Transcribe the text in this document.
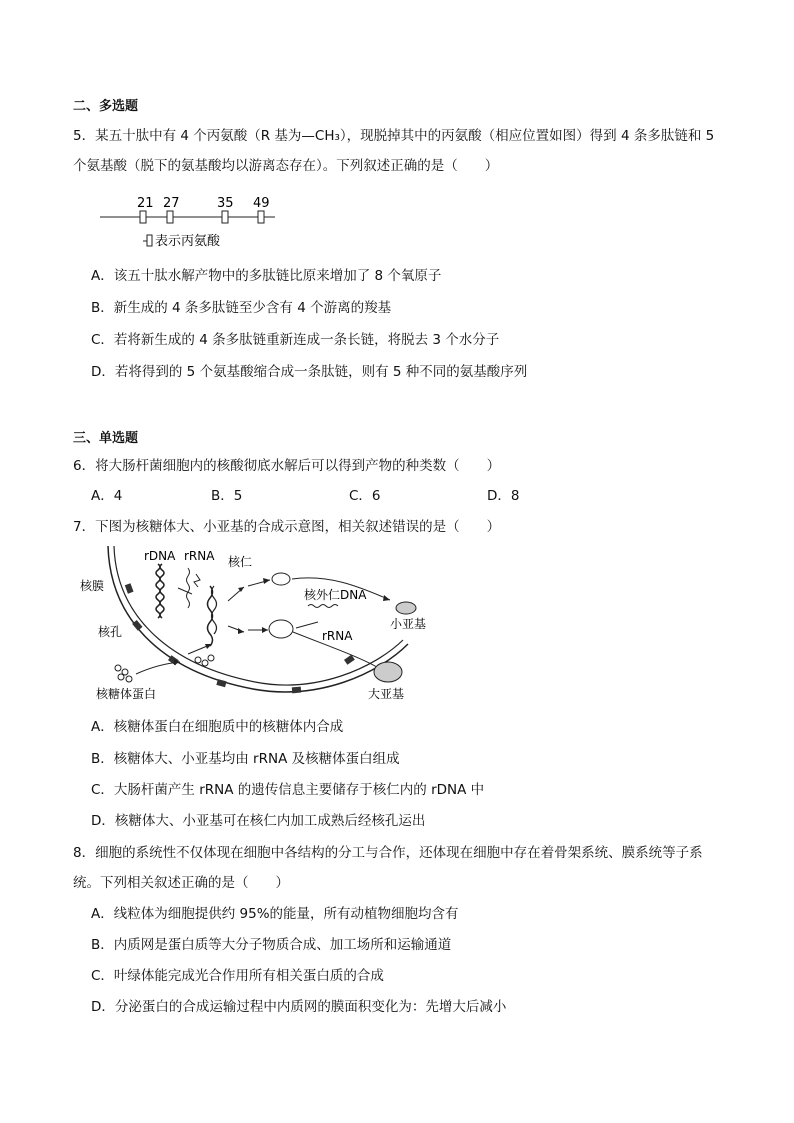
二、多选题
5．某五十肽中有 4 个丙氨酸（R 基为—CH₃），现脱掉其中的丙氨酸（相应位置如图）得到 4 条多肽链和 5
个氨基酸（脱下的氨基酸均以游离态存在）。下列叙述正确的是（　　）
21 27	35 49
表示丙氨酸
A．该五十肽水解产物中的多肽链比原来增加了 8 个氧原子
B．新生成的 4 条多肽链至少含有 4 个游离的羧基
C．若将新生成的 4 条多肽链重新连成一条长链，将脱去 3 个水分子
D．若将得到的 5 个氨基酸缩合成一条肽链，则有 5 种不同的氨基酸序列
三、单选题
6．将大肠杆菌细胞内的核酸彻底水解后可以得到产物的种类数（　　）
A．4	B．5	C．6	D．8
7．下图为核糖体大、小亚基的合成示意图，相关叙述错误的是（　　）
rDNA rRNA 核仁
核膜
核外仁DNA
小亚基
核孔	rRNA
核糖体蛋白	大亚基
A．核糖体蛋白在细胞质中的核糖体内合成
B．核糖体大、小亚基均由 rRNA 及核糖体蛋白组成
C．大肠杆菌产生 rRNA 的遗传信息主要储存于核仁内的 rDNA 中
D．核糖体大、小亚基可在核仁内加工成熟后经核孔运出
8．细胞的系统性不仅体现在细胞中各结构的分工与合作，还体现在细胞中存在着骨架系统、膜系统等子系
统。下列相关叙述正确的是（　　）
A．线粒体为细胞提供约 95%的能量，所有动植物细胞均含有
B．内质网是蛋白质等大分子物质合成、加工场所和运输通道
C．叶绿体能完成光合作用所有相关蛋白质的合成
D．分泌蛋白的合成运输过程中内质网的膜面积变化为：先增大后减小
